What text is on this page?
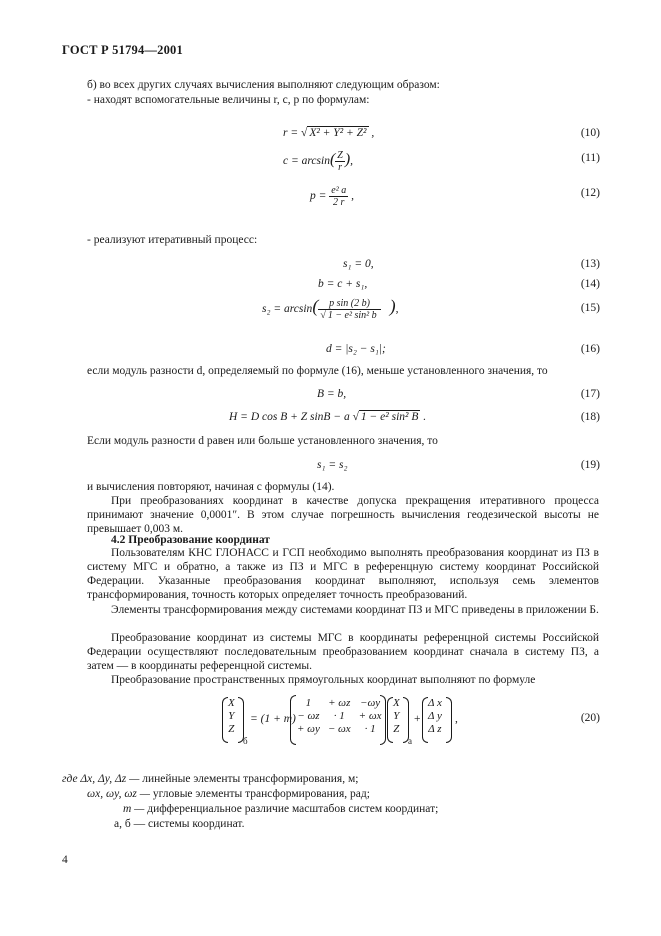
ГОСТ Р 51794—2001
б) во всех других случаях вычисления выполняют следующим образом:
- находят вспомогательные величины r, c, p по формулам:
r = √ X² + Y² + Z² ,	(10)
$c = \arcsin( \frac{Z}{r}$ ),	(11)
$p = \frac{\text{e² a}}{2 r}$ ,	(12)
- реализуют итеративный процесс:
s₁ = 0,	(13)
b = c + s₁,	(14)
$s_2 = \arcsin( \frac{\text{p sin (2 b)}}{\text{√ 1 − e² sin² b}}$ ),	(15)
d = |s₂ − s₁|;	(16)
если модуль разности d, определяемый по формуле (16), меньше установленного значения, то
B = b,	(17)
H = D cos B + Z sinB − a √ 1 − e² sin² B .	(18)
Если модуль разности d равен или больше установленного значения, то
s₁ = s₂	(19)
и вычисления повторяют, начиная с формулы (14).
При преобразованиях координат в качестве допуска прекращения итеративного процесса принимают значение 0,0001″. В этом случае погрешность вычисления геодезической высоты не превышает 0,003 м.
4.2 Преобразование координат
Пользователям КНС ГЛОНАСС и ГСП необходимо выполнять преобразования координат из ПЗ в систему МГС и обратно, а также из ПЗ и МГС в референцную систему координат Российской Федерации. Указанные преобразования координат выполняют, используя семь элементов трансформирования, точность которых определяет точность преобразований.
Элементы трансформирования между системами координат ПЗ и МГС приведены в приложении Б.
Преобразование координат из системы МГС в координаты референцной системы Российской Федерации осуществляют последовательным преобразованием координат сначала в систему ПЗ, а затем — в координаты референцной системы.
Преобразование пространственных прямоугольных координат выполняют по формуле
X
Y
Z
б
= (1 + m)
1	+ ωz	−ωy
− ωz	· 1	+ ωx
+ ωy	− ωx	· 1
X
Y
Z
а
+
Δ x
Δ y
Δ z
,	(20)
где Δx, Δy, Δz — линейные элементы трансформирования, м;
ωx, ωy, ωz — угловые элементы трансформирования, рад;
m — дифференциальное различие масштабов систем координат;
а, б — системы координат.
4
